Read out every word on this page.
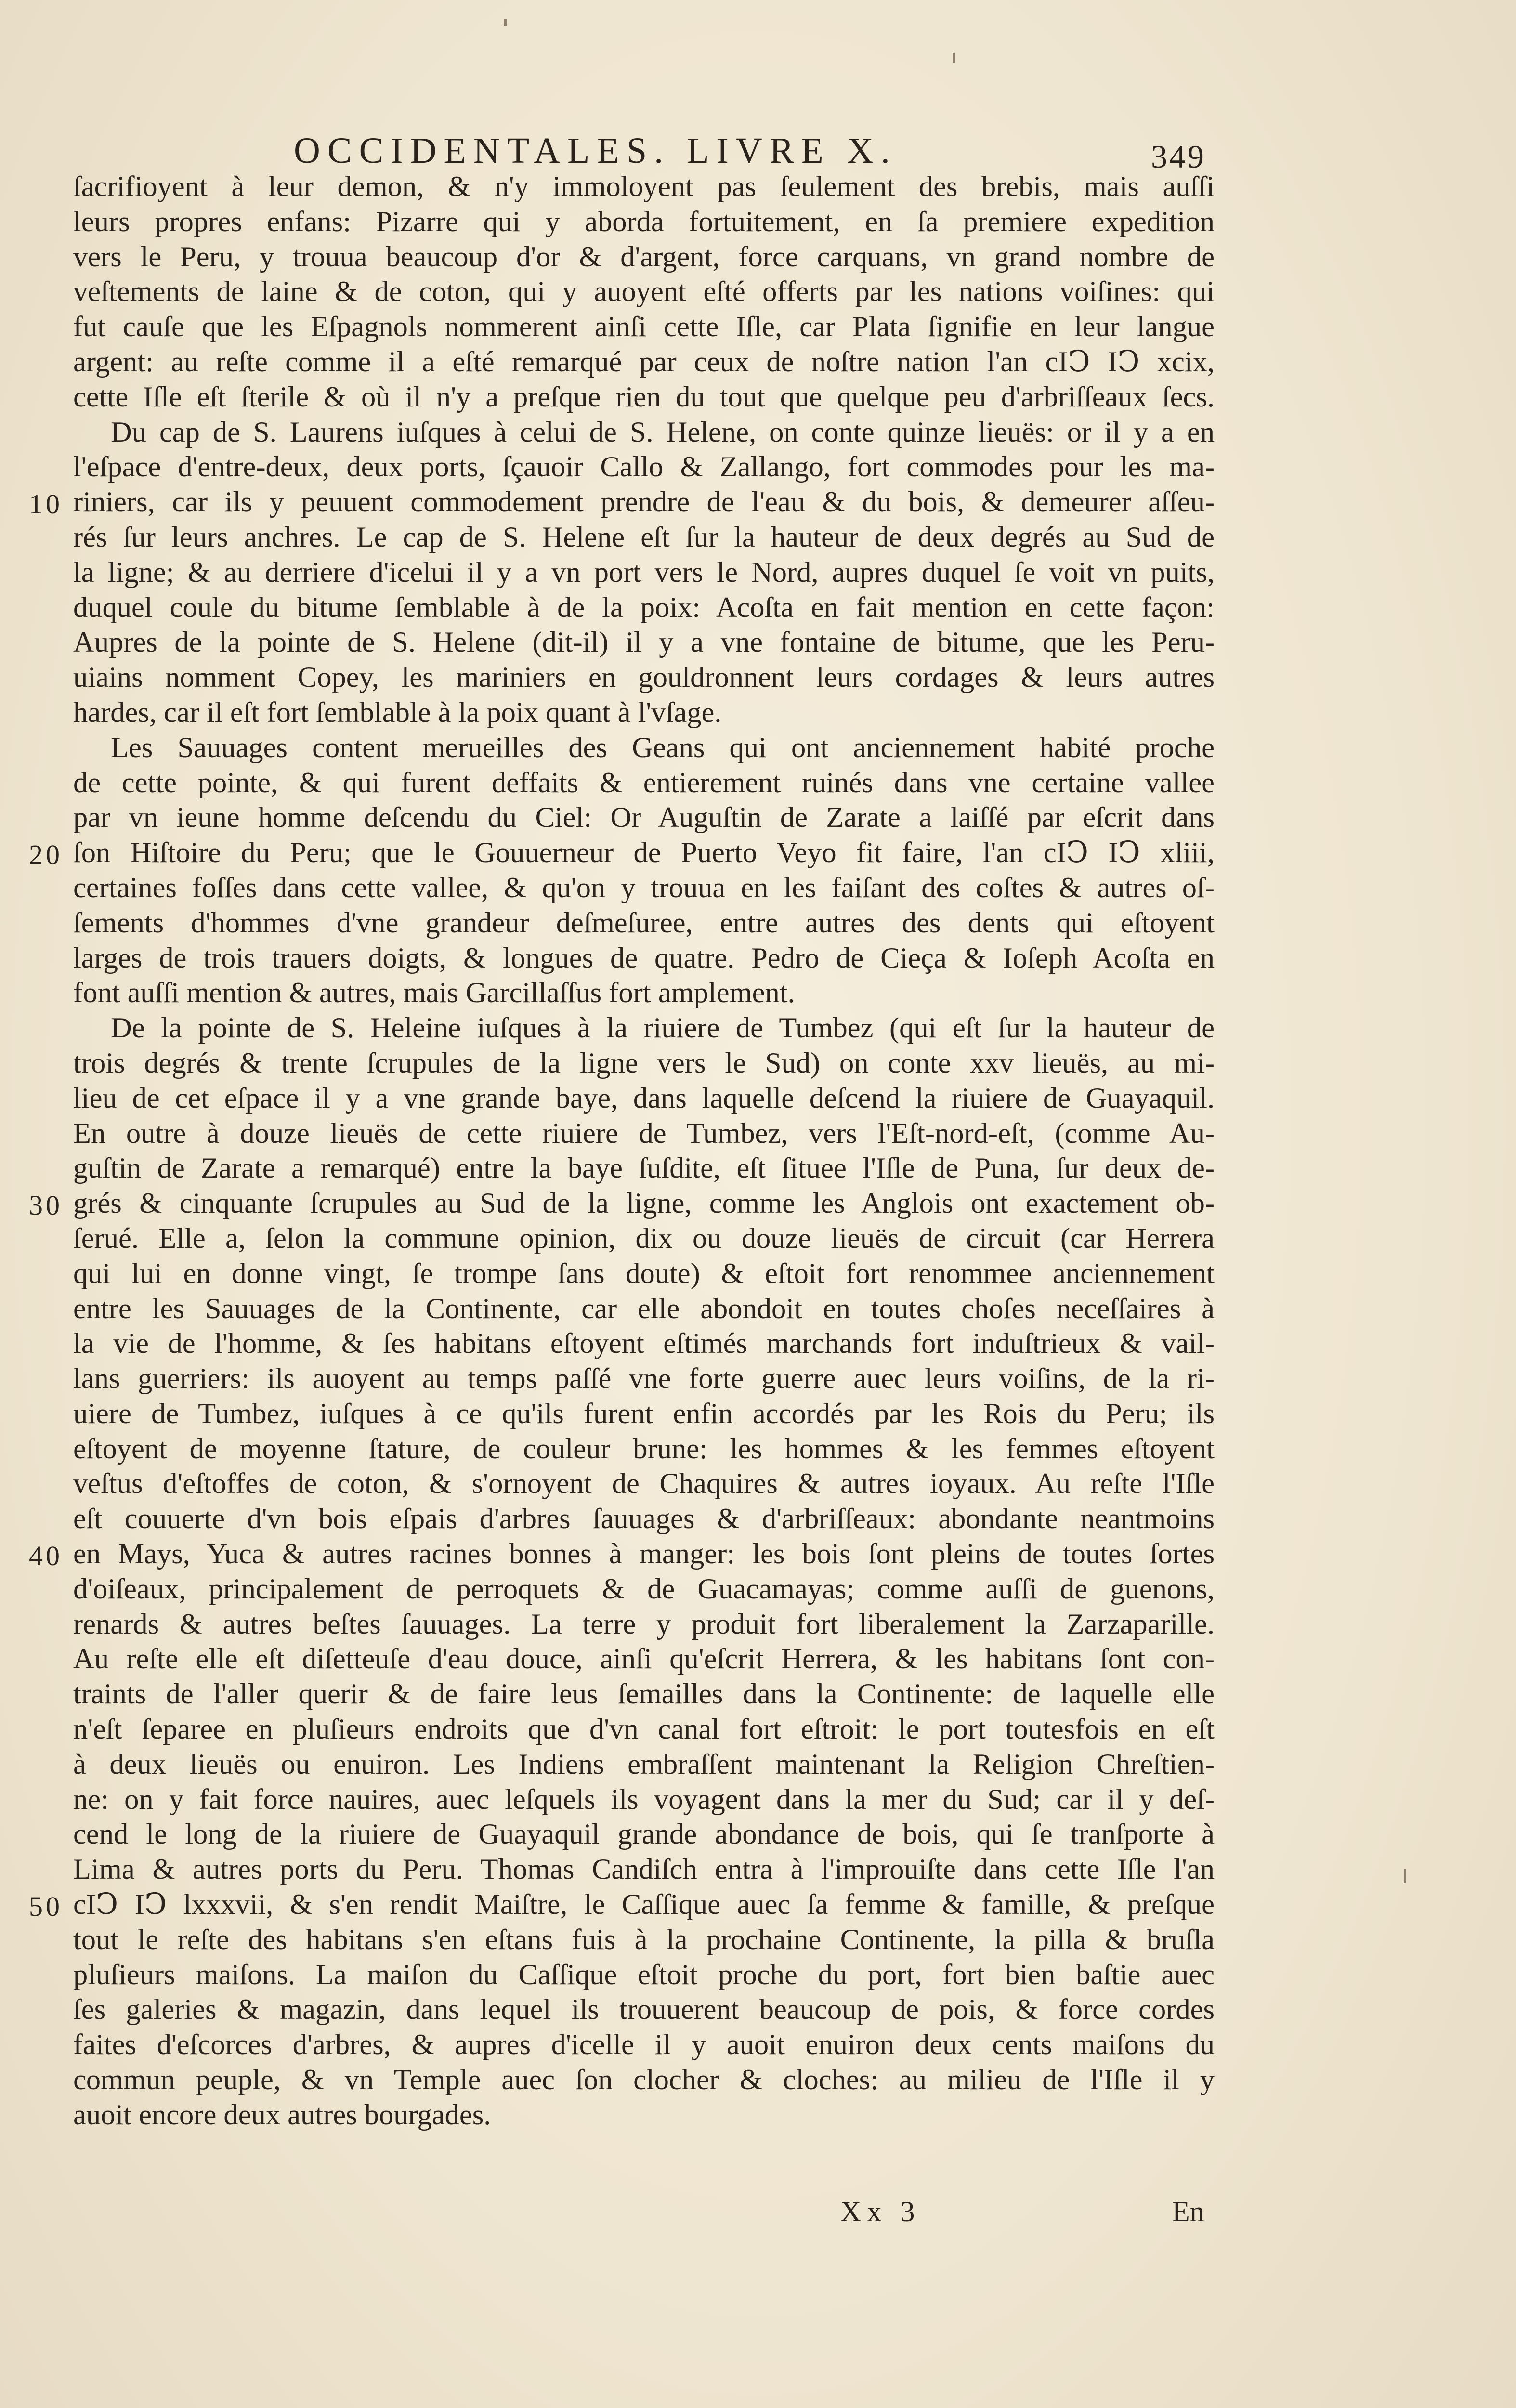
OCCIDENTALES. LIVRE X.	349
ſacrifioyent à leur demon, & n'y immoloyent pas ſeulement des brebis, mais auſſi
leurs propres enfans: Pizarre qui y aborda fortuitement, en ſa premiere expedition
vers le Peru, y trouua beaucoup d'or & d'argent, force carquans, vn grand nombre de
veſtements de laine & de coton, qui y auoyent eſté offerts par les nations voiſines: qui
fut cauſe que les Eſpagnols nommerent ainſi cette Iſle, car Plata ſignifie en leur langue
argent: au reſte comme il a eſté remarqué par ceux de noſtre nation l'an cIↃ IↃ xcix,
cette Iſle eſt ſterile & où il n'y a preſque rien du tout que quelque peu d'arbriſſeaux ſecs.
Du cap de S. Laurens iuſques à celui de S. Helene, on conte quinze lieuës: or il y a en
l'eſpace d'entre-deux, deux ports, ſçauoir Callo & Zallango, fort commodes pour les ma-
riniers, car ils y peuuent commodement prendre de l'eau & du bois, & demeurer aſſeu-
rés ſur leurs anchres. Le cap de S. Helene eſt ſur la hauteur de deux degrés au Sud de
la ligne; & au derriere d'icelui il y a vn port vers le Nord, aupres duquel ſe voit vn puits,
duquel coule du bitume ſemblable à de la poix: Acoſta en fait mention en cette façon:
Aupres de la pointe de S. Helene (dit-il) il y a vne fontaine de bitume, que les Peru-
uiains nomment Copey, les mariniers en gouldronnent leurs cordages & leurs autres
hardes, car il eſt fort ſemblable à la poix quant à l'vſage.
Les Sauuages content merueilles des Geans qui ont anciennement habité proche
de cette pointe, & qui furent deffaits & entierement ruinés dans vne certaine vallee
par vn ieune homme deſcendu du Ciel: Or Auguſtin de Zarate a laiſſé par eſcrit dans
ſon Hiſtoire du Peru; que le Gouuerneur de Puerto Veyo fit faire, l'an cIↃ IↃ xliii,
certaines foſſes dans cette vallee, & qu'on y trouua en les faiſant des coſtes & autres oſ-
ſements d'hommes d'vne grandeur deſmeſuree, entre autres des dents qui eſtoyent
larges de trois trauers doigts, & longues de quatre. Pedro de Cieça & Ioſeph Acoſta en
font auſſi mention & autres, mais Garcillaſſus fort amplement.
De la pointe de S. Heleine iuſques à la riuiere de Tumbez (qui eſt ſur la hauteur de
trois degrés & trente ſcrupules de la ligne vers le Sud) on conte xxv lieuës, au mi-
lieu de cet eſpace il y a vne grande baye, dans laquelle deſcend la riuiere de Guayaquil.
En outre à douze lieuës de cette riuiere de Tumbez, vers l'Eſt-nord-eſt, (comme Au-
guſtin de Zarate a remarqué) entre la baye ſuſdite, eſt ſituee l'Iſle de Puna, ſur deux de-
grés & cinquante ſcrupules au Sud de la ligne, comme les Anglois ont exactement ob-
ſerué. Elle a, ſelon la commune opinion, dix ou douze lieuës de circuit (car Herrera
qui lui en donne vingt, ſe trompe ſans doute) & eſtoit fort renommee anciennement
entre les Sauuages de la Continente, car elle abondoit en toutes choſes neceſſaires à
la vie de l'homme, & ſes habitans eſtoyent eſtimés marchands fort induſtrieux & vail-
lans guerriers: ils auoyent au temps paſſé vne forte guerre auec leurs voiſins, de la ri-
uiere de Tumbez, iuſques à ce qu'ils furent enfin accordés par les Rois du Peru; ils
eſtoyent de moyenne ſtature, de couleur brune: les hommes & les femmes eſtoyent
veſtus d'eſtoffes de coton, & s'ornoyent de Chaquires & autres ioyaux. Au reſte l'Iſle
eſt couuerte d'vn bois eſpais d'arbres ſauuages & d'arbriſſeaux: abondante neantmoins
en Mays, Yuca & autres racines bonnes à manger: les bois ſont pleins de toutes ſortes
d'oiſeaux, principalement de perroquets & de Guacamayas; comme auſſi de guenons,
renards & autres beſtes ſauuages. La terre y produit fort liberalement la Zarzaparille.
Au reſte elle eſt diſetteuſe d'eau douce, ainſi qu'eſcrit Herrera, & les habitans ſont con-
traints de l'aller querir & de faire leus ſemailles dans la Continente: de laquelle elle
n'eſt ſeparee en pluſieurs endroits que d'vn canal fort eſtroit: le port toutesfois en eſt
à deux lieuës ou enuiron. Les Indiens embraſſent maintenant la Religion Chreſtien-
ne: on y fait force nauires, auec leſquels ils voyagent dans la mer du Sud; car il y deſ-
cend le long de la riuiere de Guayaquil grande abondance de bois, qui ſe tranſporte à
Lima & autres ports du Peru. Thomas Candiſch entra à l'improuiſte dans cette Iſle l'an
cIↃ IↃ lxxxvii, & s'en rendit Maiſtre, le Caſſique auec ſa femme & famille, & preſque
tout le reſte des habitans s'en eſtans fuis à la prochaine Continente, la pilla & bruſla
pluſieurs maiſons. La maiſon du Caſſique eſtoit proche du port, fort bien baſtie auec
ſes galeries & magazin, dans lequel ils trouuerent beaucoup de pois, & force cordes
faites d'eſcorces d'arbres, & aupres d'icelle il y auoit enuiron deux cents maiſons du
commun peuple, & vn Temple auec ſon clocher & cloches: au milieu de l'Iſle il y
auoit encore deux autres bourgades.
10
20
30
40
50
Xx 3	En
